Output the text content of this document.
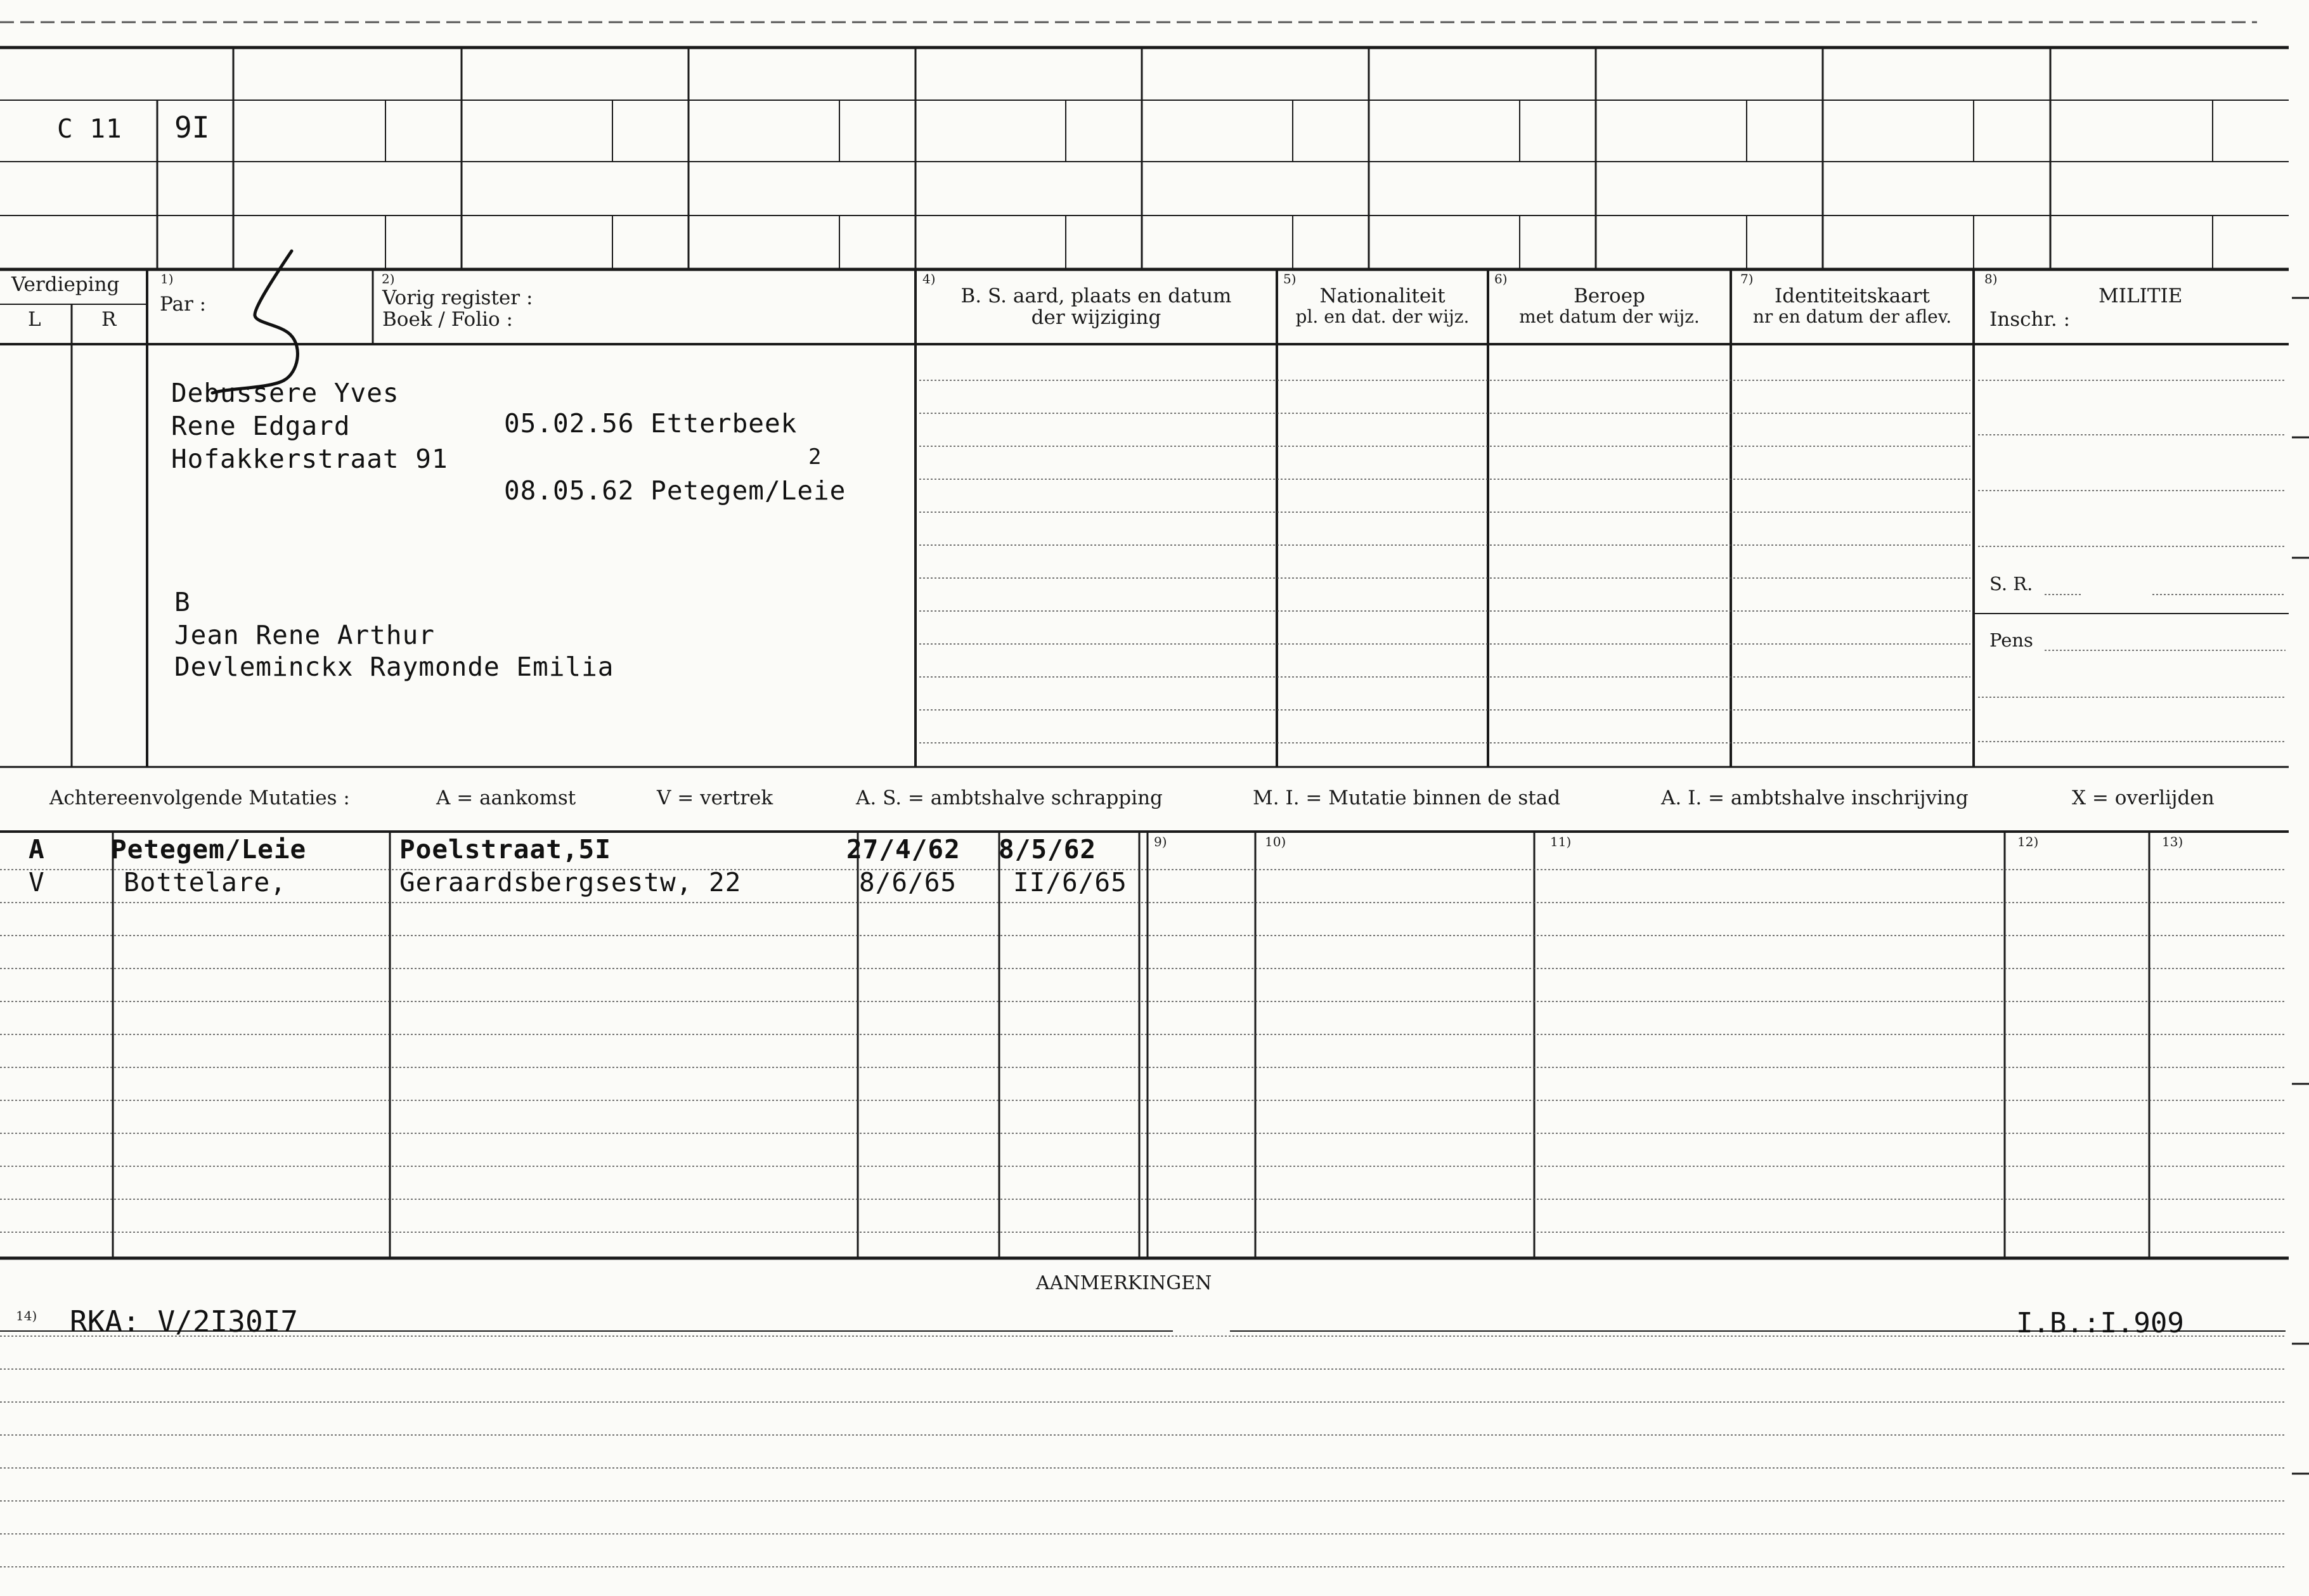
C 11 9I
Verdieping
L	R
1)
Par :
2)
Vorig register :
Boek / Folio :
4)
B. S. aard, plaats en datum
der wijziging
5)
Nationaliteit
pl. en dat. der wijz.
6)
Beroep
met datum der wijz.
7)
Identiteitskaart
nr en datum der aflev.
8)
MILITIE
Inschr. :
S. R.
Pens
Debussere Yves
Rene Edgard
Hofakkerstraat 91
05.02.56 Etterbeek
2
08.05.62 Petegem/Leie
B
Jean Rene Arthur
Devleminckx Raymonde Emilia
Achtereenvolgende Mutaties :	A = aankomst	V = vertrek	A. S. = ambtshalve schrapping	M. I. = Mutatie binnen de stad	A. I. = ambtshalve inschrijving	X = overlijden
9)	10)	11)	12)	13)
A	Petegem/Leie	Poelstraat,5I	27/4/62 8/5/62
V	Bottelare,	Geraardsbergsestw, 22	8/6/65 II/6/65
AANMERKINGEN
14) RKA: V/2I30I7	I.B.:I.909
